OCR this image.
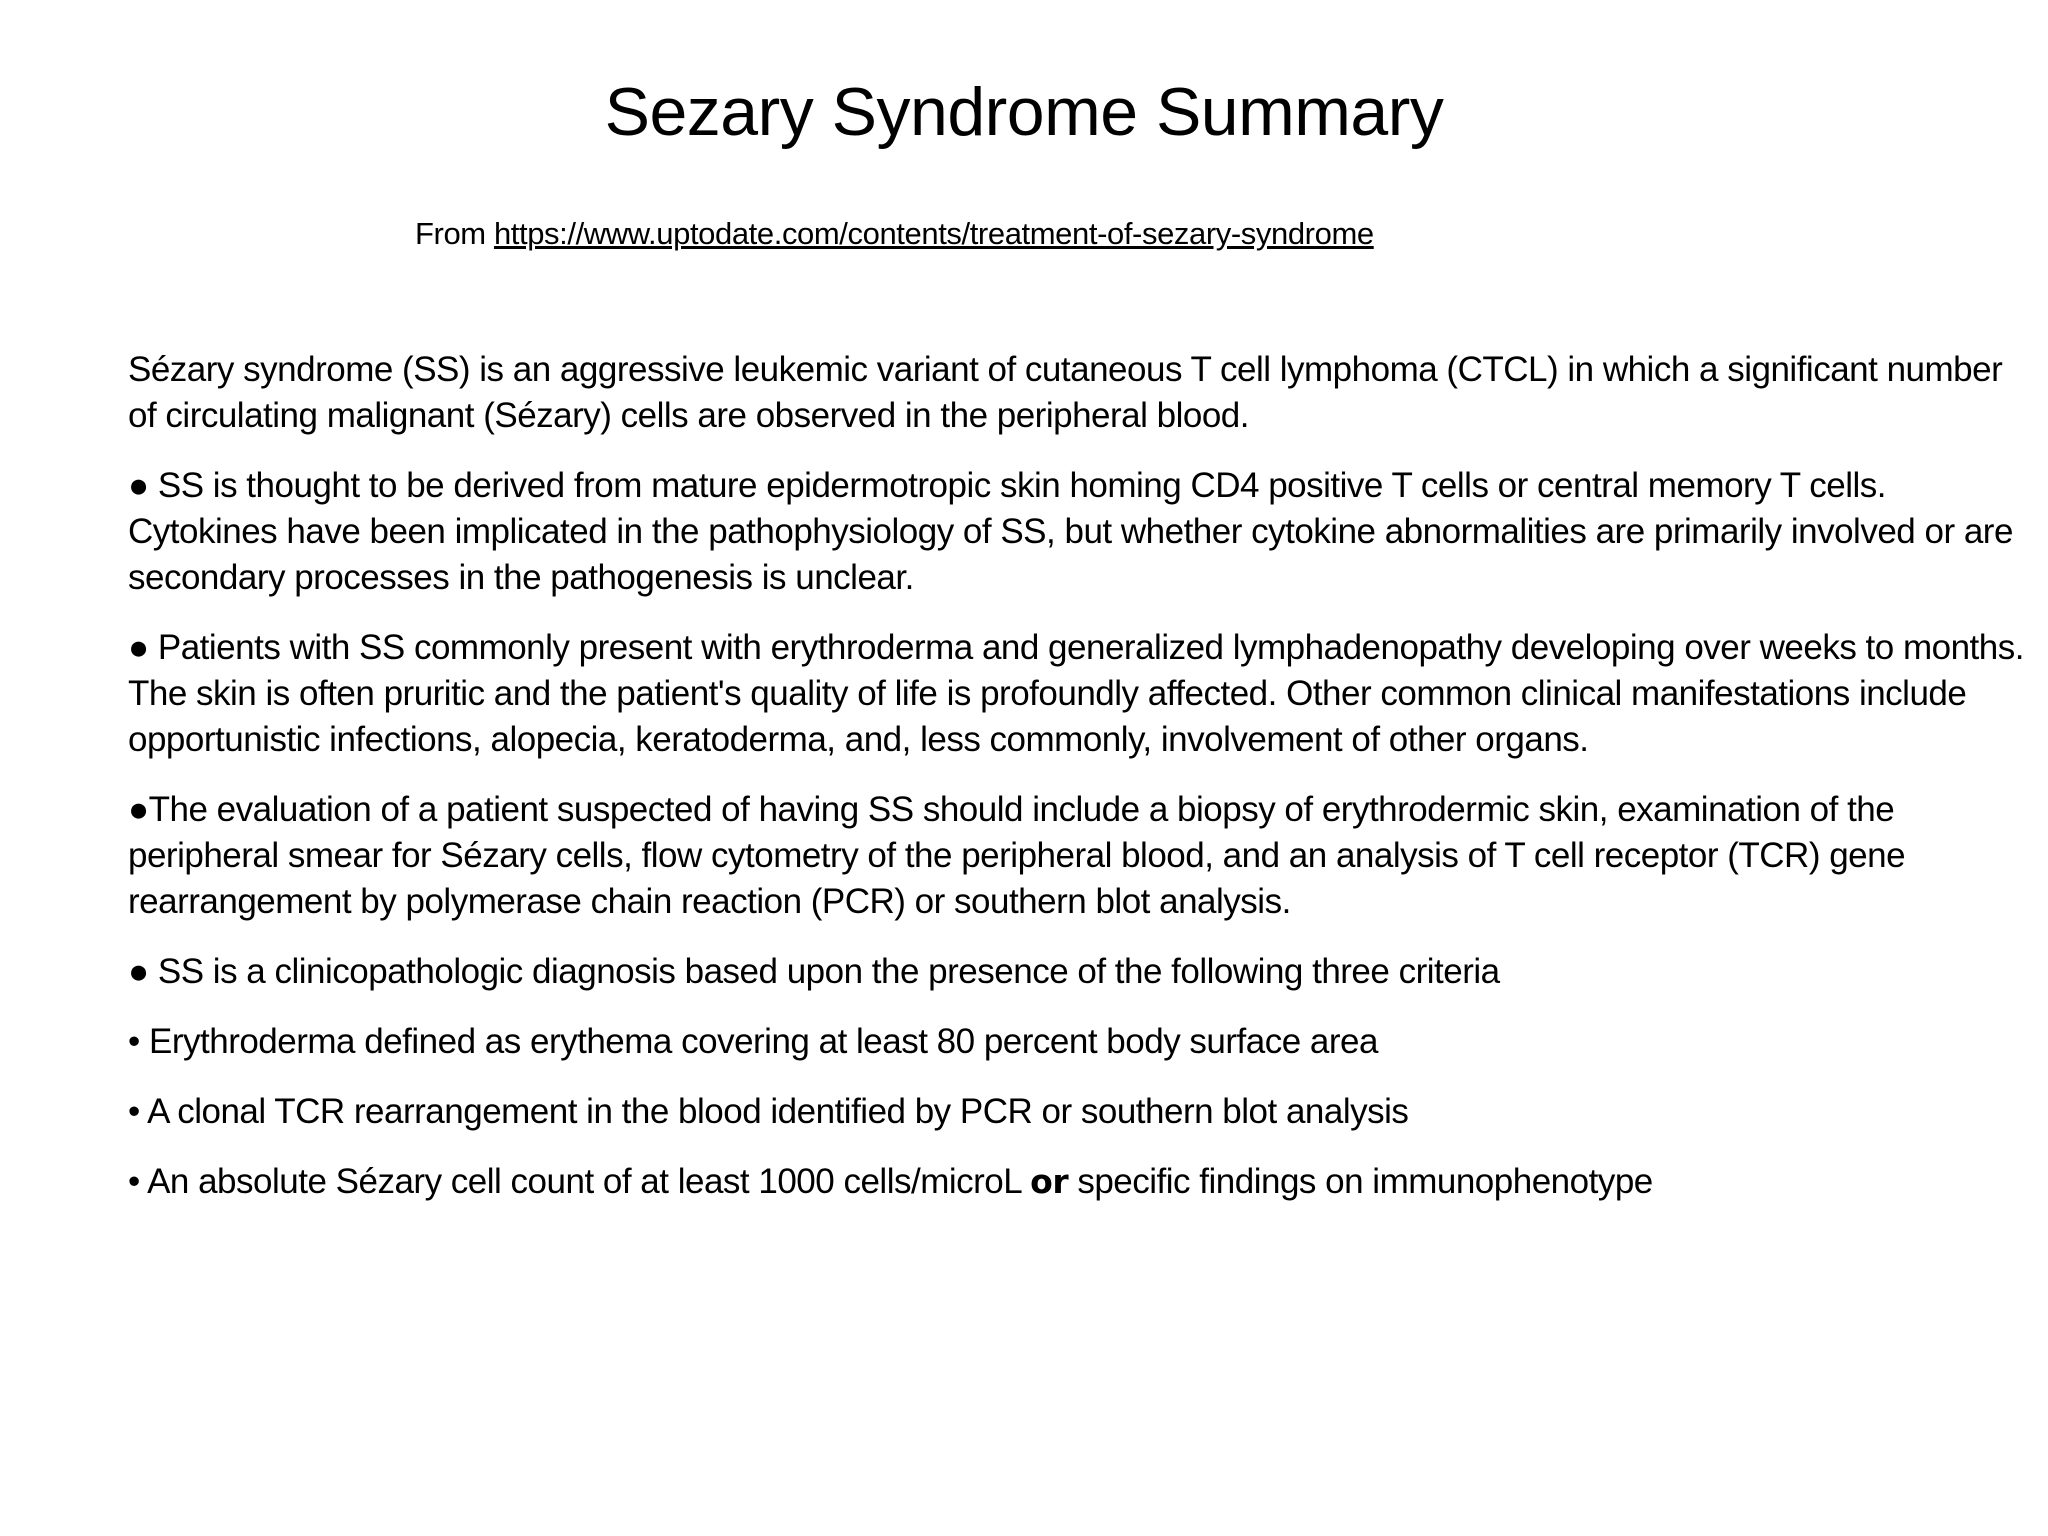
Sezary Syndrome Summary
From https://www.uptodate.com/contents/treatment-of-sezary-syndrome

Sézary syndrome (SS) is an aggressive leukemic variant of cutaneous T cell lymphoma (CTCL) in which a significant number of circulating malignant (Sézary) cells are observed in the peripheral blood.

● SS is thought to be derived from mature epidermotropic skin homing CD4 positive T cells or central memory T cells. Cytokines have been implicated in the pathophysiology of SS, but whether cytokine abnormalities are primarily involved or are secondary processes in the pathogenesis is unclear.

● Patients with SS commonly present with erythroderma and generalized lymphadenopathy developing over weeks to months. The skin is often pruritic and the patient's quality of life is profoundly affected. Other common clinical manifestations include opportunistic infections, alopecia, keratoderma, and, less commonly, involvement of other organs.

●The evaluation of a patient suspected of having SS should include a biopsy of erythrodermic skin, examination of the peripheral smear for Sézary cells, flow cytometry of the peripheral blood, and an analysis of T cell receptor (TCR) gene rearrangement by polymerase chain reaction (PCR) or southern blot analysis.

● SS is a clinicopathologic diagnosis based upon the presence of the following three criteria

• Erythroderma defined as erythema covering at least 80 percent body surface area

• A clonal TCR rearrangement in the blood identified by PCR or southern blot analysis

• An absolute Sézary cell count of at least 1000 cells/microL or specific findings on immunophenotype
